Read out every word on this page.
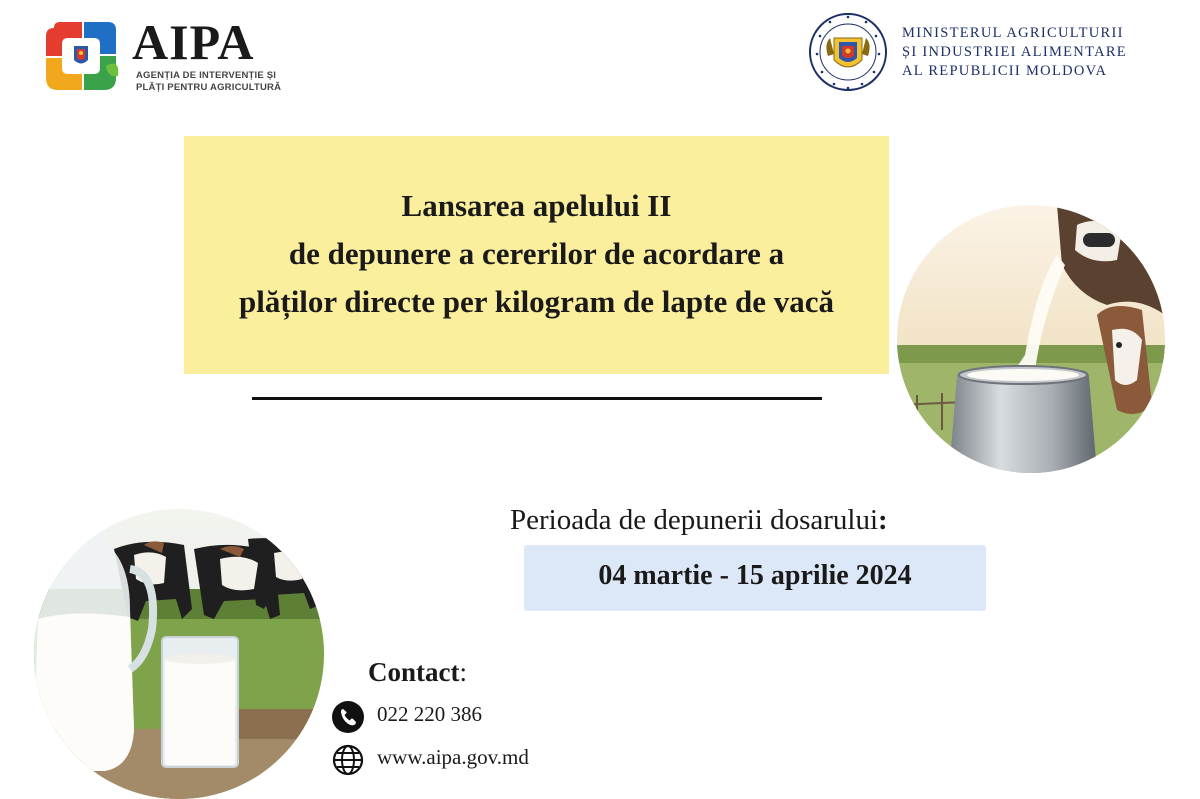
AIPA
AGENȚIA DE INTERVENȚIE ȘI
PLĂȚI PENTRU AGRICULTURĂ
MINISTERUL AGRICULTURII
ȘI INDUSTRIEI ALIMENTARE
AL REPUBLICII MOLDOVA
Lansarea apelului II
de depunere a cererilor de acordare a
plăților directe per kilogram de lapte de vacă
Perioada de depunerii dosarului:
04 martie - 15 aprilie 2024
Contact:
022 220 386
www.aipa.gov.md
